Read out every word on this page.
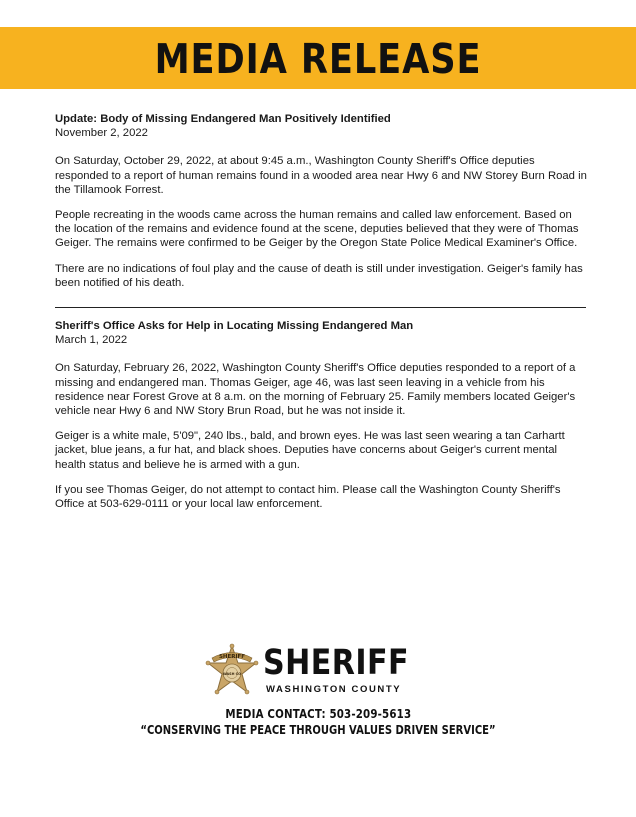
MEDIA RELEASE

Update: Body of Missing Endangered Man Positively Identified

November 2, 2022

On Saturday, October 29, 2022, at about 9:45 a.m., Washington County Sheriff's Office deputies responded to a report of human remains found in a wooded area near Hwy 6 and NW Storey Burn Road in the Tillamook Forrest.

People recreating in the woods came across the human remains and called law enforcement. Based on the location of the remains and evidence found at the scene, deputies believed that they were of Thomas Geiger. The remains were confirmed to be Geiger by the Oregon State Police Medical Examiner's Office.

There are no indications of foul play and the cause of death is still under investigation. Geiger's family has been notified of his death.

Sheriff's Office Asks for Help in Locating Missing Endangered Man

March 1, 2022

On Saturday, February 26, 2022, Washington County Sheriff's Office deputies responded to a report of a missing and endangered man. Thomas Geiger, age 46, was last seen leaving in a vehicle from his residence near Forest Grove at 8 a.m. on the morning of February 25. Family members located Geiger's vehicle near Hwy 6 and NW Story Brun Road, but he was not inside it.

Geiger is a white male, 5'09", 240 lbs., bald, and brown eyes. He was last seen wearing a tan Carhartt jacket, blue jeans, a fur hat, and black shoes. Deputies have concerns about Geiger's current mental health status and believe he is armed with a gun.

If you see Thomas Geiger, do not attempt to contact him. Please call the Washington County Sheriff's Office at 503-629-0111 or your local law enforcement.

SHERIFF
WASH CO SHERIFF
WASHINGTON COUNTY
MEDIA CONTACT: 503-209-5613
“CONSERVING THE PEACE THROUGH VALUES DRIVEN SERVICE”
